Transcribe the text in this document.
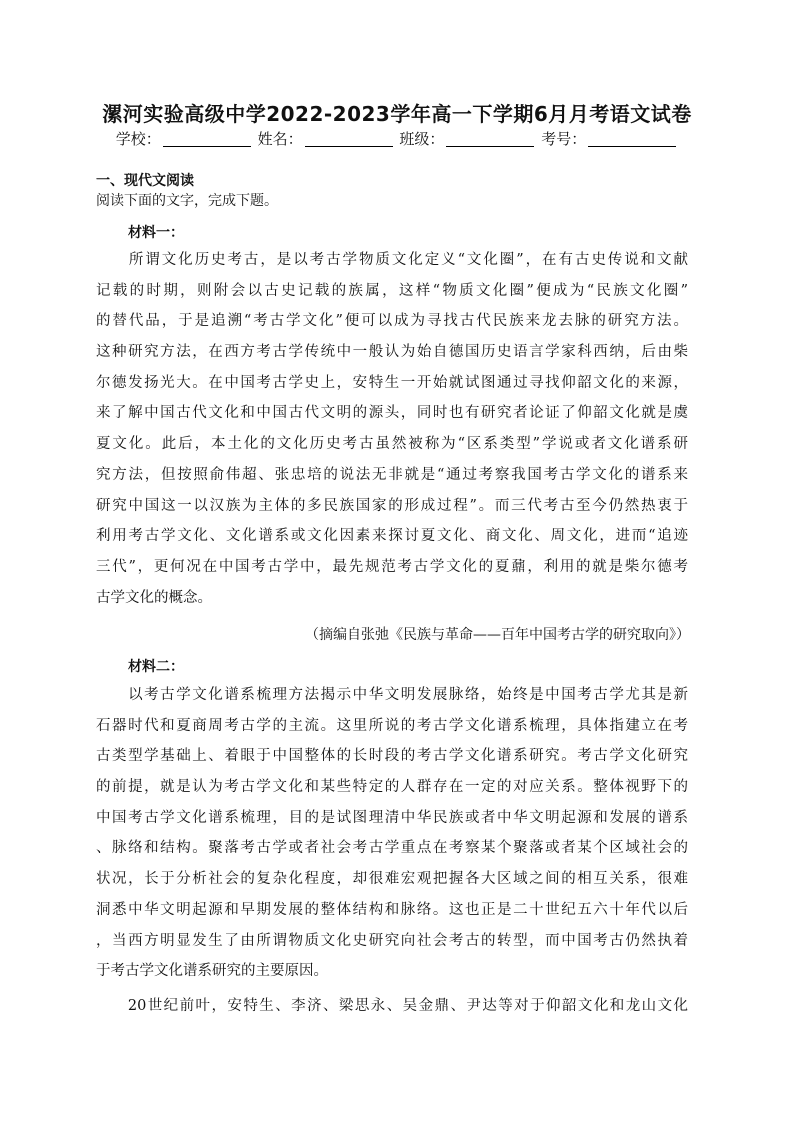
漯河实验高级中学2022-2023学年高一下学期6月月考语文试卷
学校：	姓名：	班级：	考号：
一、现代文阅读
阅读下面的文字，完成下题。
材料一：
　　所谓文化历史考古，是以考古学物质文化定义“文化圈”，在有古史传说和文献
记载的时期，则附会以古史记载的族属，这样“物质文化圈”便成为“民族文化圈”
的替代品，于是追溯“考古学文化”便可以成为寻找古代民族来龙去脉的研究方法。
这种研究方法，在西方考古学传统中一般认为始自德国历史语言学家科西纳，后由柴
尔德发扬光大。在中国考古学史上，安特生一开始就试图通过寻找仰韶文化的来源，
来了解中国古代文化和中国古代文明的源头，同时也有研究者论证了仰韶文化就是虞
夏文化。此后，本土化的文化历史考古虽然被称为“区系类型”学说或者文化谱系研
究方法，但按照俞伟超、张忠培的说法无非就是“通过考察我国考古学文化的谱系来
研究中国这一以汉族为主体的多民族国家的形成过程”。而三代考古至今仍然热衷于
利用考古学文化、文化谱系或文化因素来探讨夏文化、商文化、周文化，进而“追迹
三代”，更何况在中国考古学中，最先规范考古学文化的夏鼐，利用的就是柴尔德考
古学文化的概念。
（摘编自张弛《民族与革命——百年中国考古学的研究取向》）
材料二：
　　以考古学文化谱系梳理方法揭示中华文明发展脉络，始终是中国考古学尤其是新
石器时代和夏商周考古学的主流。这里所说的考古学文化谱系梳理，具体指建立在考
古类型学基础上、着眼于中国整体的长时段的考古学文化谱系研究。考古学文化研究
的前提，就是认为考古学文化和某些特定的人群存在一定的对应关系。整体视野下的
中国考古学文化谱系梳理，目的是试图理清中华民族或者中华文明起源和发展的谱系
、脉络和结构。聚落考古学或者社会考古学重点在考察某个聚落或者某个区域社会的
状况，长于分析社会的复杂化程度，却很难宏观把握各大区域之间的相互关系，很难
洞悉中华文明起源和早期发展的整体结构和脉络。这也正是二十世纪五六十年代以后
，当西方明显发生了由所谓物质文化史研究向社会考古的转型，而中国考古仍然执着
于考古学文化谱系研究的主要原因。
　　20世纪前叶，安特生、李济、梁思永、吴金鼎、尹达等对于仰韶文化和龙山文化
